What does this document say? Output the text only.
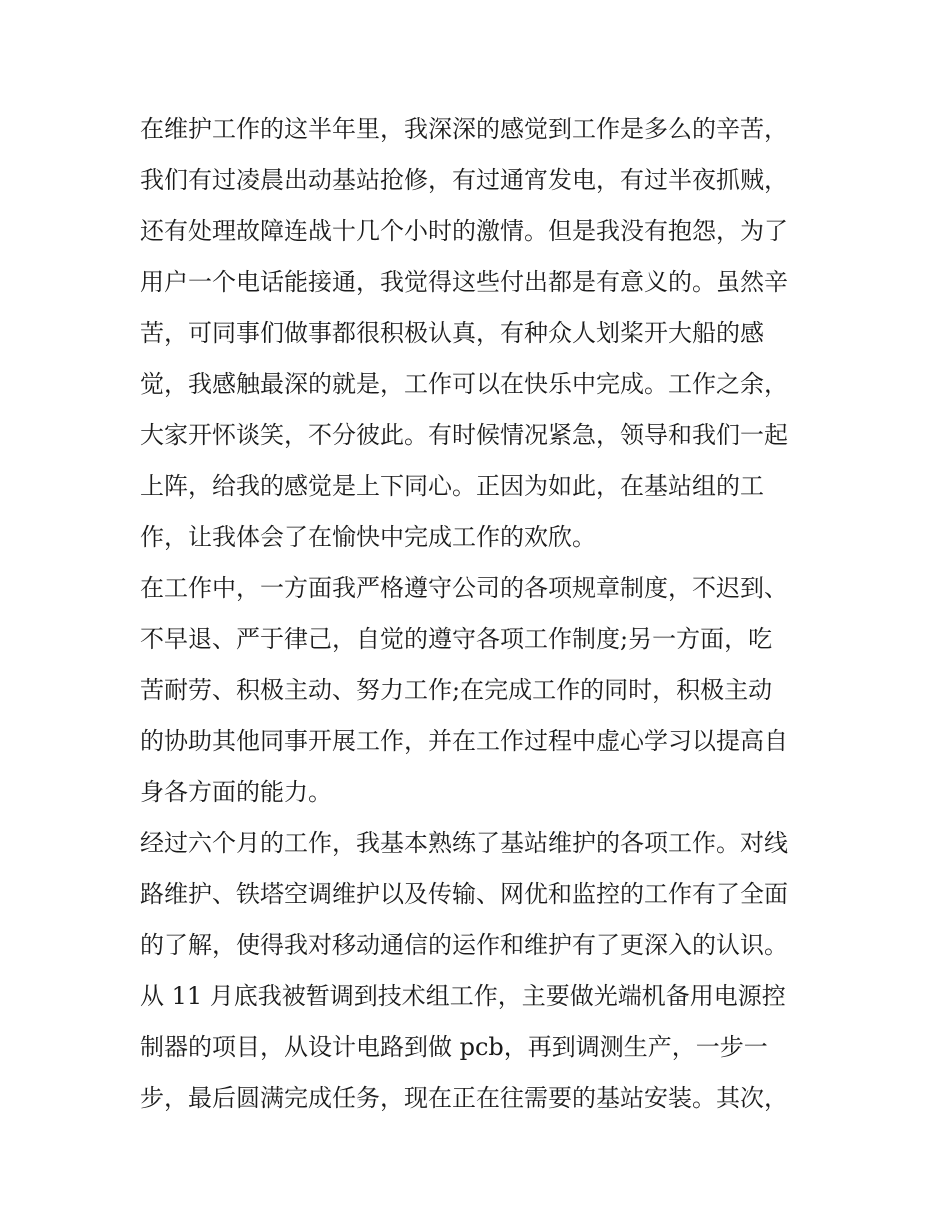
在维护工作的这半年里，我深深的感觉到工作是多么的辛苦，
我们有过凌晨出动基站抢修，有过通宵发电，有过半夜抓贼，
还有处理故障连战十几个小时的激情。但是我没有抱怨，为了
用户一个电话能接通，我觉得这些付出都是有意义的。虽然辛
苦，可同事们做事都很积极认真，有种众人划桨开大船的感
觉，我感触最深的就是，工作可以在快乐中完成。工作之余，
大家开怀谈笑，不分彼此。有时候情况紧急，领导和我们一起
上阵，给我的感觉是上下同心。正因为如此，在基站组的工
作，让我体会了在愉快中完成工作的欢欣。
在工作中，一方面我严格遵守公司的各项规章制度，不迟到、
不早退、严于律己，自觉的遵守各项工作制度;另一方面，吃
苦耐劳、积极主动、努力工作;在完成工作的同时，积极主动
的协助其他同事开展工作，并在工作过程中虚心学习以提高自
身各方面的能力。
经过六个月的工作，我基本熟练了基站维护的各项工作。对线
路维护、铁塔空调维护以及传输、网优和监控的工作有了全面
的了解，使得我对移动通信的运作和维护有了更深入的认识。
从 11 月底我被暂调到技术组工作，主要做光端机备用电源控
制器的项目，从设计电路到做 pcb，再到调测生产，一步一
步，最后圆满完成任务，现在正在往需要的基站安装。其次，
